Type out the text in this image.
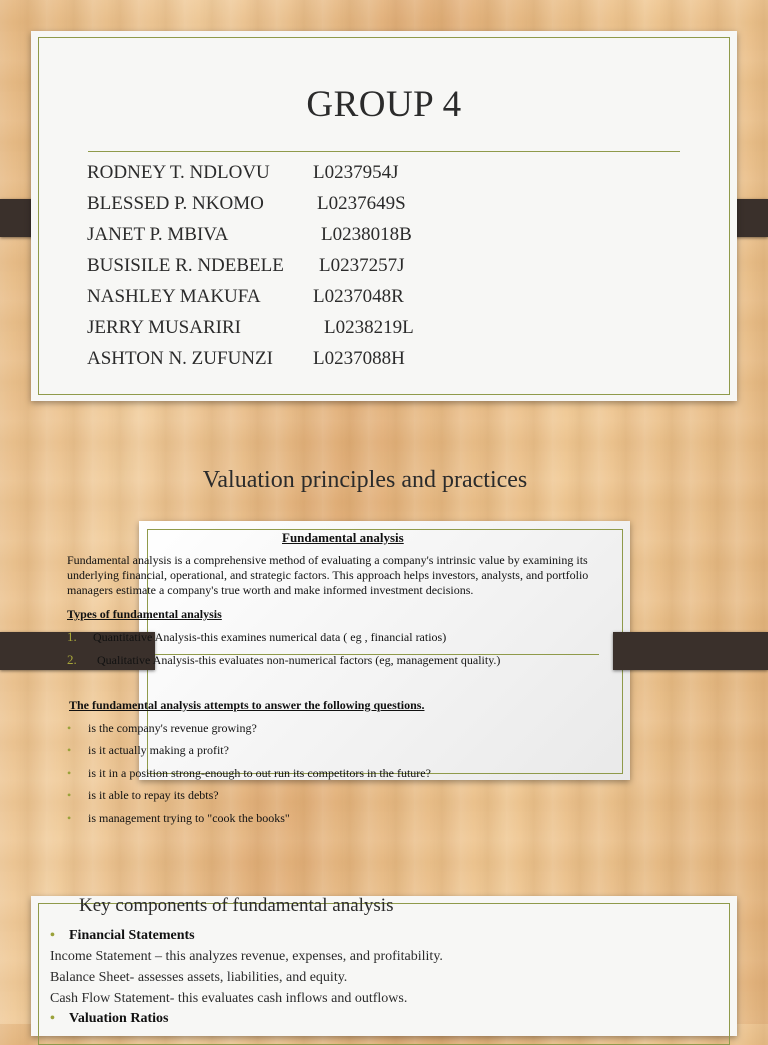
GROUP 4
RODNEY T. NDLOVU L0237954J
BLESSED P. NKOMO	L0237649S
JANET P. MBIVA	L0238018B
BUSISILE R. NDEBELE L0237257J
NASHLEY MAKUFA	L0237048R
JERRY MUSARIRI	L0238219L
ASHTON N. ZUFUNZI L0237088H
Valuation principles and practices
Fundamental analysis
Fundamental analysis is a comprehensive method of evaluating a company's intrinsic value by examining its underlying financial, operational, and strategic factors. This approach helps investors, analysts, and portfolio managers estimate a company's true worth and make informed investment decisions.
Types of fundamental analysis
1. Quantitative Analysis-this examines numerical data ( eg , financial ratios)
2. Qualitative Analysis-this evaluates non-numerical factors (eg, management quality.)
The fundamental analysis attempts to answer the following questions.
• is the company's revenue growing?
• is it actually making a profit?
• is it in a position strong-enough to out run its competitors in the future?
• is it able to repay its debts?
• is management trying to "cook the books"
Key components of fundamental analysis
• Financial Statements
Income Statement – this analyzes revenue, expenses, and profitability.
Balance Sheet- assesses assets, liabilities, and equity.
Cash Flow Statement- this evaluates cash inflows and outflows.
• Valuation Ratios
